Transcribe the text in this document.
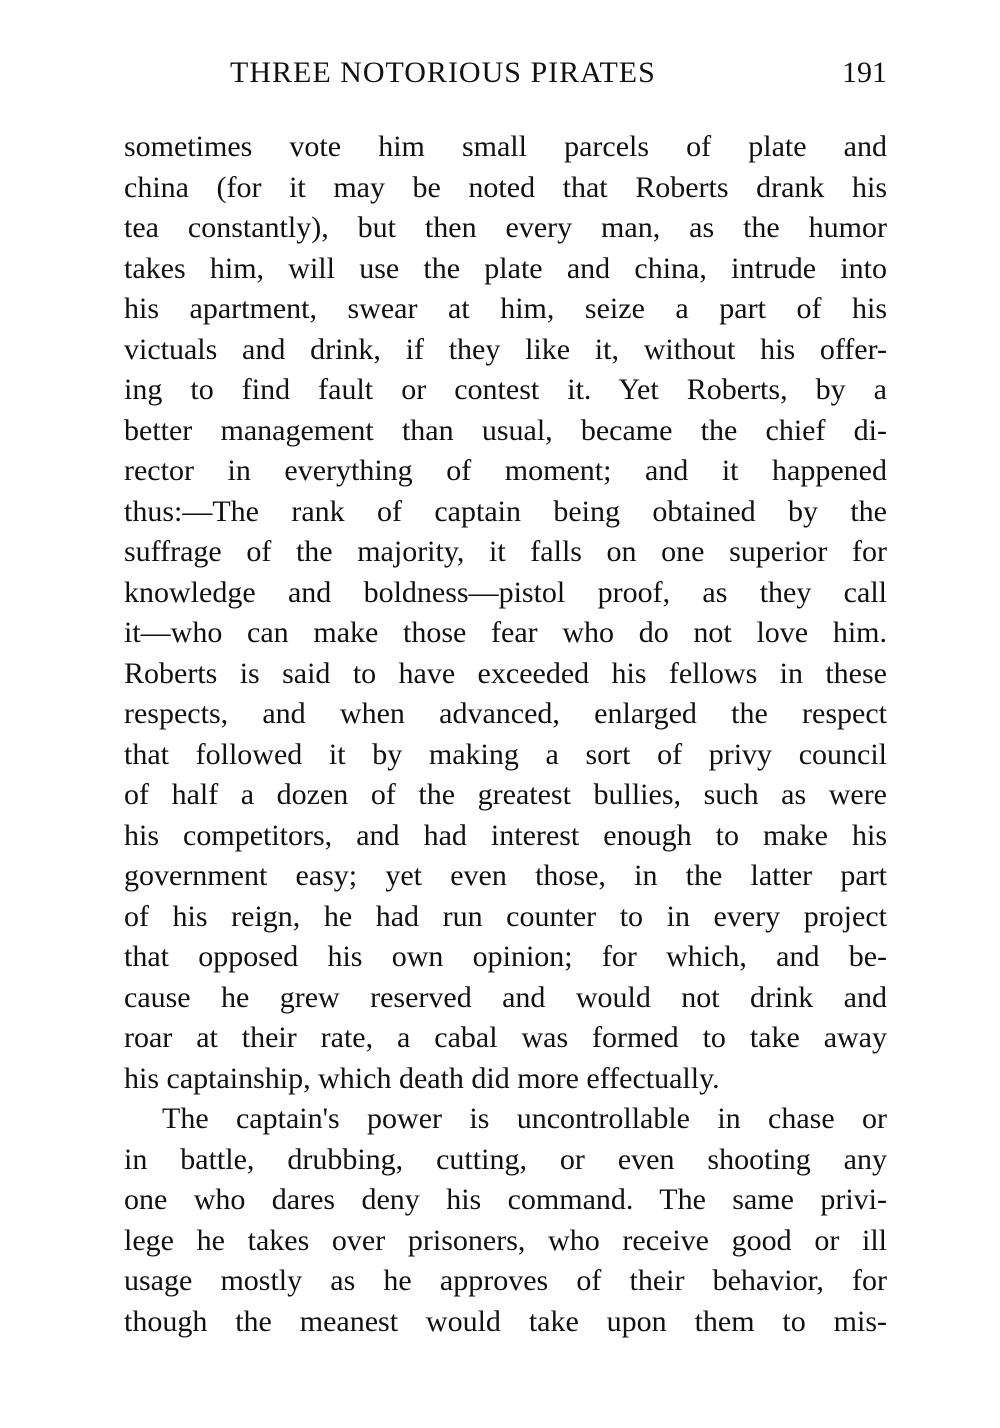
THREE NOTORIOUS PIRATES	191
sometimes vote him small parcels of plate and
china (for it may be noted that Roberts drank his
tea constantly), but then every man, as the humor
takes him, will use the plate and china, intrude into
his apartment, swear at him, seize a part of his
victuals and drink, if they like it, without his offer-
ing to find fault or contest it. Yet Roberts, by a
better management than usual, became the chief di-
rector in everything of moment; and it happened
thus:—The rank of captain being obtained by the
suffrage of the majority, it falls on one superior for
knowledge and boldness—pistol proof, as they call
it—who can make those fear who do not love him.
Roberts is said to have exceeded his fellows in these
respects, and when advanced, enlarged the respect
that followed it by making a sort of privy council
of half a dozen of the greatest bullies, such as were
his competitors, and had interest enough to make his
government easy; yet even those, in the latter part
of his reign, he had run counter to in every project
that opposed his own opinion; for which, and be-
cause he grew reserved and would not drink and
roar at their rate, a cabal was formed to take away
his captainship, which death did more effectually.
The captain's power is uncontrollable in chase or
in battle, drubbing, cutting, or even shooting any
one who dares deny his command. The same privi-
lege he takes over prisoners, who receive good or ill
usage mostly as he approves of their behavior, for
though the meanest would take upon them to mis-
